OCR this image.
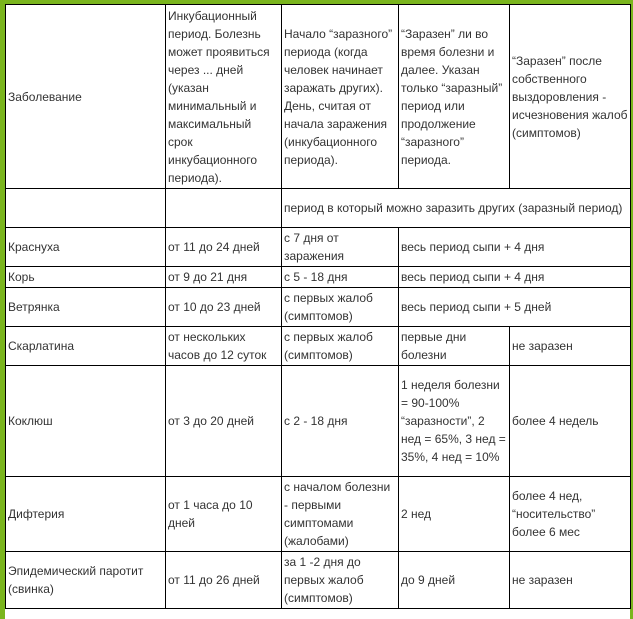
Заболевание	Инкубационный период. Болезнь может проявиться через ... дней (указан минимальный и максимальный срок инкубационного периода).	Начало “заразного” периода (когда человек начинает заражать других). День, считая от начала заражения (инкубационного периода).	“Заразен” ли во время болезни и далее. Указан только “заразный” период или продолжение “заразного” периода.	“Заразен” после собственного выздоровления - исчезновения жалоб (симптомов)
		период в который можно заразить других (заразный период)		
Краснуха	от 11 до 24 дней	с 7 дня от заражения	весь период сыпи + 4 дня	
Корь	от 9 до 21 дня	с 5 - 18 дня	весь период сыпи + 4 дня	
Ветрянка	от 10 до 23 дней	с первых жалоб (симптомов)	весь период сыпи + 5 дней	
Скарлатина	от нескольких часов до 12 суток	с первых жалоб (симптомов)	первые дни болезни	не заразен
Коклюш	от 3 до 20 дней	с 2 - 18 дня	1 неделя болезни = 90-100% “заразности”, 2 нед = 65%, 3 нед = 35%, 4 нед = 10%	более 4 недель
Дифтерия	от 1 часа до 10 дней	с началом болезни - первыми симптомами (жалобами)	2 нед	более 4 нед, “носительство” более 6 мес
Эпидемический паротит (свинка)	от 11 до 26 дней	за 1 -2 дня до первых жалоб (симптомов)	до 9 дней	не заразен
